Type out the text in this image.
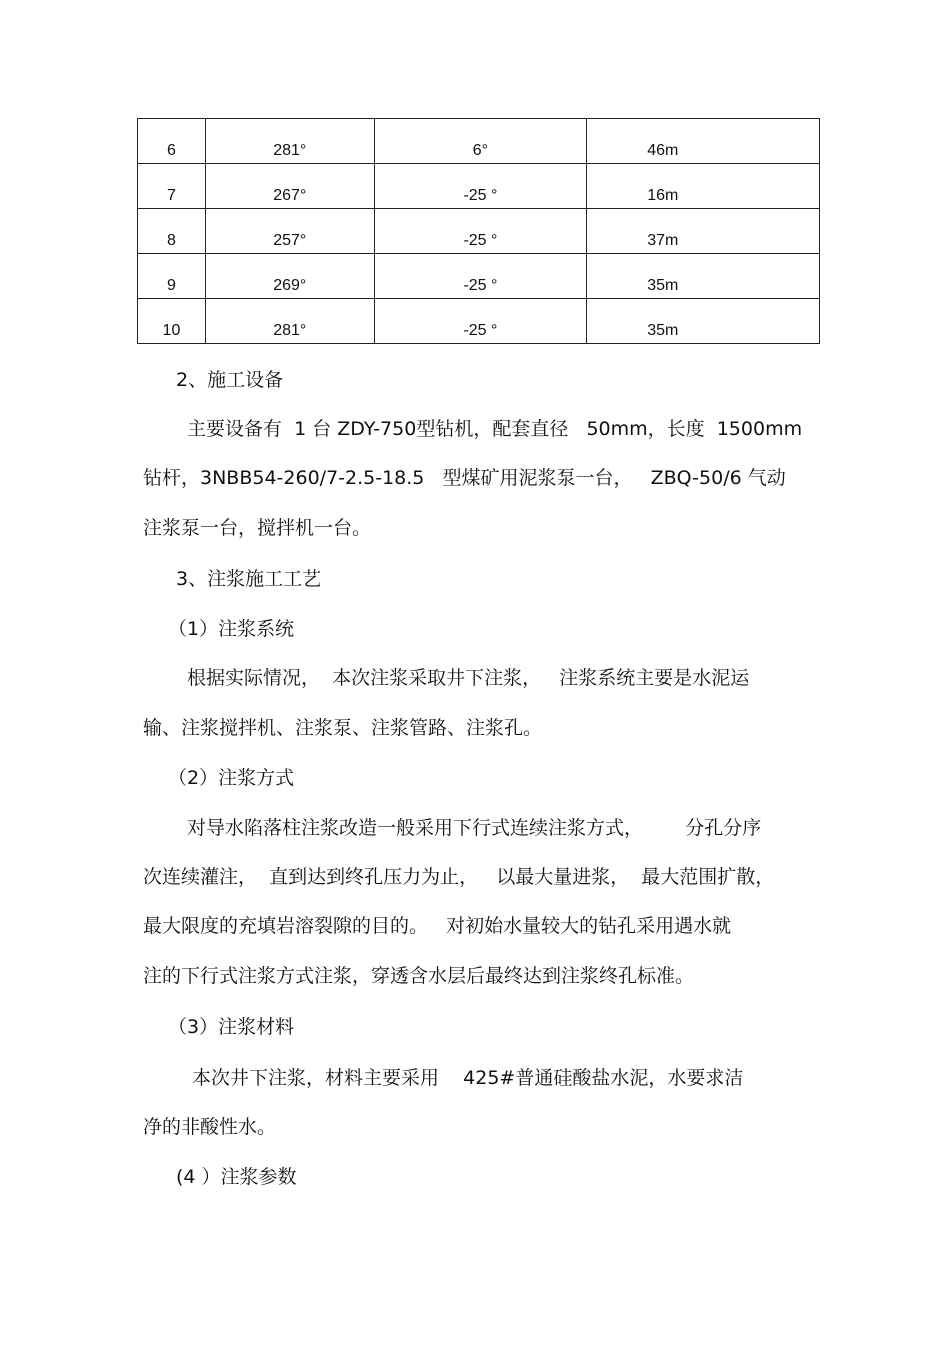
6	281°	6°	46m
7	267°	-25 °	16m
8	257°	-25 °	37m
9	269°	-25 °	35m
10	281°	-25 °	35m
2、施工设备
主要设备有  1 台 ZDY-750型钻机，配套直径   50mm，长度  1500mm
钻杆，3NBB54-260/7-2.5-18.5   型煤矿用泥浆泵一台，   ZBQ-50/6 气动
注浆泵一台，搅拌机一台。
3、注浆施工工艺
（1）注浆系统
根据实际情况，  本次注浆采取井下注浆，   注浆系统主要是水泥运
输、注浆搅拌机、注浆泵、注浆管路、注浆孔。
（2）注浆方式
对导水陷落柱注浆改造一般采用下行式连续注浆方式，       分孔分序
次连续灌注，  直到达到终孔压力为止，   以最大量进浆，  最大范围扩散，
最大限度的充填岩溶裂隙的目的。   对初始水量较大的钻孔采用遇水就
注的下行式注浆方式注浆，穿透含水层后最终达到注浆终孔标准。
（3）注浆材料
本次井下注浆，材料主要采用    425#普通硅酸盐水泥，水要求洁
净的非酸性水。
(4 ）注浆参数
